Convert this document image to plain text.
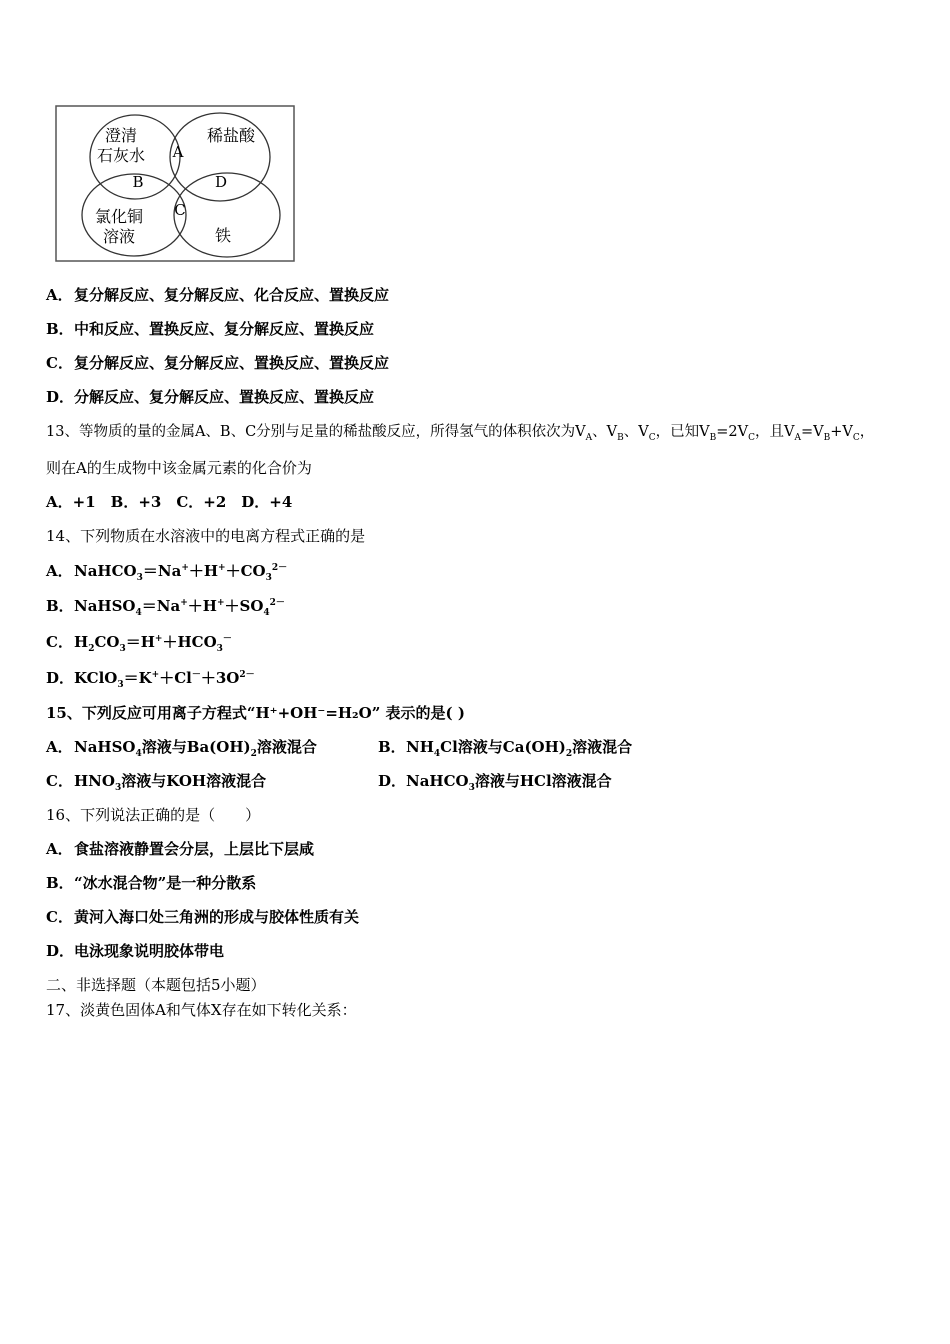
澄清
石灰水
稀盐酸
氯化铜
溶液	铁
A
B
C
D
A．复分解反应、复分解反应、化合反应、置换反应
B．中和反应、置换反应、复分解反应、置换反应
C．复分解反应、复分解反应、置换反应、置换反应
D．分解反应、复分解反应、置换反应、置换反应
13、等物质的量的金属A、B、C分别与足量的稀盐酸反应，所得氢气的体积依次为$V_A$、$V_B$、$V_C$，已知$V_B=2V_C$，且$V_A=V_B+V_C$，
则在A的生成物中该金属元素的化合价为
A．+1　B．+3　C．+2　D．+4
14、下列物质在水溶液中的电离方程式正确的是
A．$NaHCO_3=Na^++H^++CO_3^{2-}$
B．$NaHSO_4=Na^++H^++SO_4^{2-}$
C．$H_2CO_3=H^++HCO_3^-$
D．$KClO_3=K^++Cl^-+3O^{2-}$
15、下列反应可用离子方程式“H⁺+OH⁻=H₂O” 表示的是( )
A．NaHSO$_4$溶液与$Ba(OH)_2$溶液混合	B．$NH_4Cl$溶液与$Ca(OH)_2$溶液混合
C．$HNO_3$溶液与KOH溶液混合	D．NaHCO$_3$溶液与HCl溶液混合
16、下列说法正确的是（　　）
A．食盐溶液静置会分层，上层比下层咸
B．“冰水混合物”是一种分散系
C．黄河入海口处三角洲的形成与胶体性质有关
D．电泳现象说明胶体带电
二、非选择题（本题包括5小题）
17、淡黄色固体A和气体X存在如下转化关系：
